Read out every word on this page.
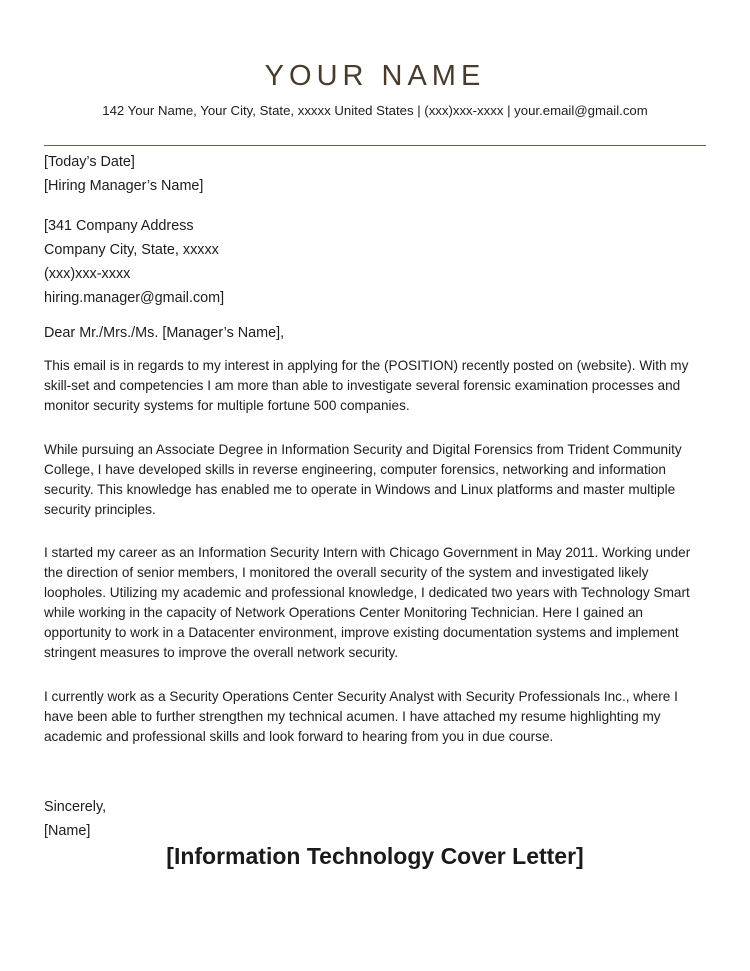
YOUR NAME
142 Your Name, Your City, State, xxxxx United States | (xxx)xxx-xxxx | your.email@gmail.com
[Today’s Date]
[Hiring Manager’s Name]
[341 Company Address
Company City, State, xxxxx
(xxx)xxx-xxxx
hiring.manager@gmail.com]
Dear Mr./Mrs./Ms. [Manager’s Name],

This email is in regards to my interest in applying for the (POSITION) recently posted on (website). With my skill-set and competencies I am more than able to investigate several forensic examination processes and monitor security systems for multiple fortune 500 companies.

While pursuing an Associate Degree in Information Security and Digital Forensics from Trident Community College, I have developed skills in reverse engineering, computer forensics, networking and information security. This knowledge has enabled me to operate in Windows and Linux platforms and master multiple security principles.

I started my career as an Information Security Intern with Chicago Government in May 2011. Working under the direction of senior members, I monitored the overall security of the system and investigated likely loopholes. Utilizing my academic and professional knowledge, I dedicated two years with Technology Smart while working in the capacity of Network Operations Center Monitoring Technician. Here I gained an opportunity to work in a Datacenter environment, improve existing documentation systems and implement stringent measures to improve the overall network security.

I currently work as a Security Operations Center Security Analyst with Security Professionals Inc., where I have been able to further strengthen my technical acumen. I have attached my resume highlighting my academic and professional skills and look forward to hearing from you in due course.

Sincerely,
[Name]
[Information Technology Cover Letter]
